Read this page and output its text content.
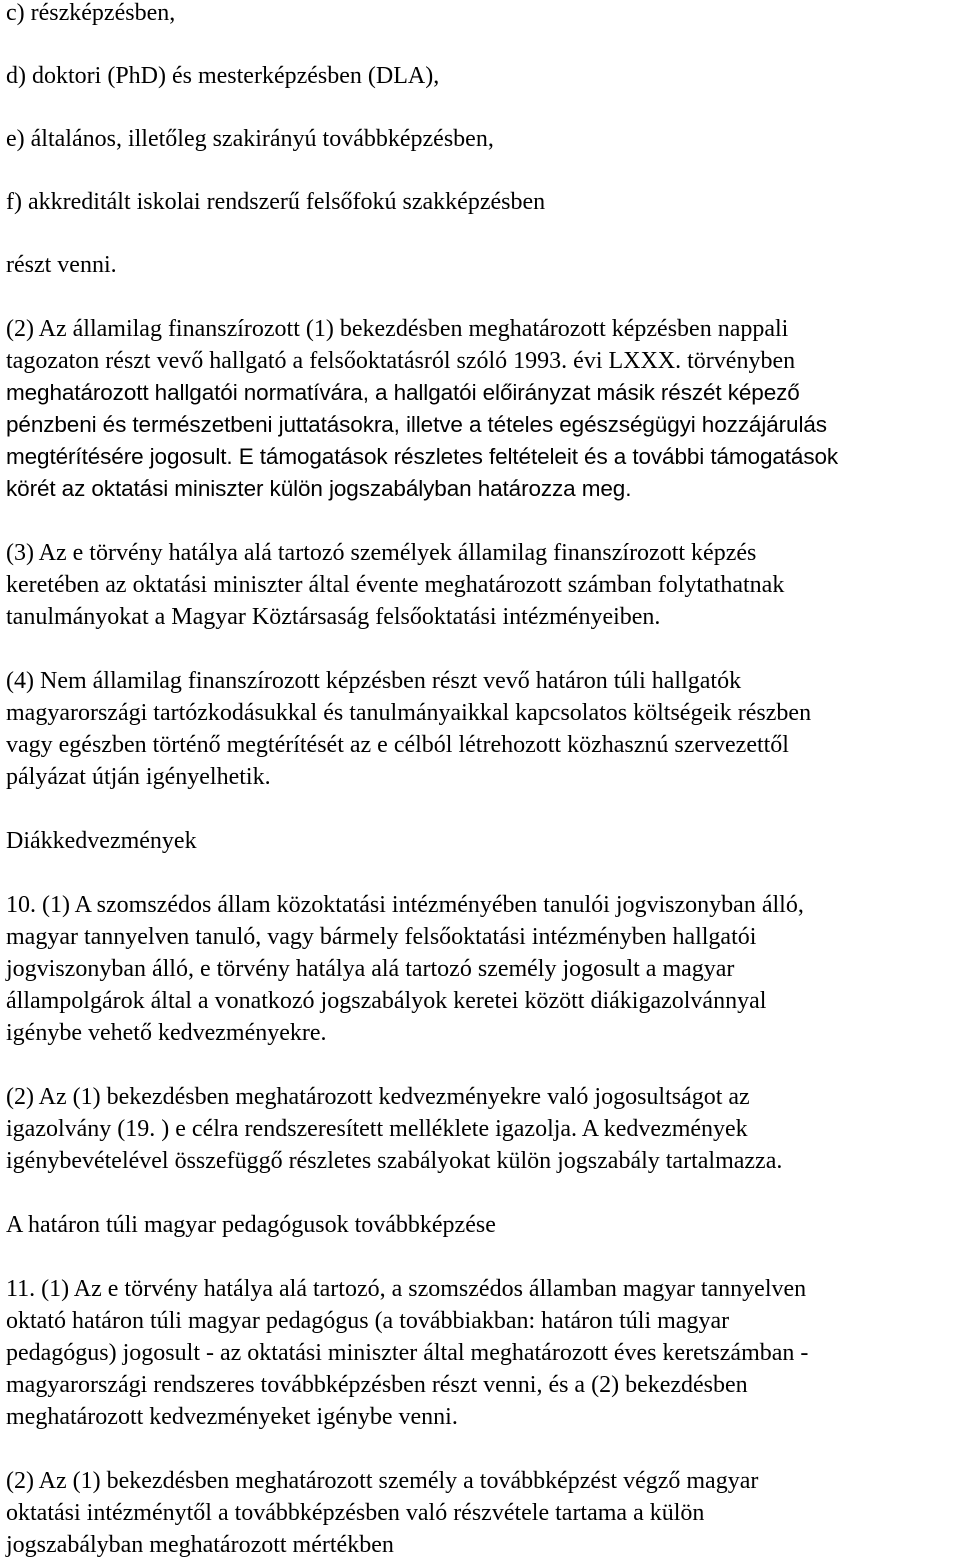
c) részképzésben,
d) doktori (PhD) és mesterképzésben (DLA),
e) általános, illetőleg szakirányú továbbképzésben,
f) akkreditált iskolai rendszerű felsőfokú szakképzésben
részt venni.
(2) Az államilag finanszírozott (1) bekezdésben meghatározott képzésben nappali
tagozaton részt vevő hallgató a felsőoktatásról szóló 1993. évi LXXX. törvényben
meghatározott hallgatói normatívára, a hallgatói előirányzat másik részét képező
pénzbeni és természetbeni juttatásokra, illetve a tételes egészségügyi hozzájárulás
megtérítésére jogosult. E támogatások részletes feltételeit és a további támogatások
körét az oktatási miniszter külön jogszabályban határozza meg.
(3) Az e törvény hatálya alá tartozó személyek államilag finanszírozott képzés
keretében az oktatási miniszter által évente meghatározott számban folytathatnak
tanulmányokat a Magyar Köztársaság felsőoktatási intézményeiben.
(4) Nem államilag finanszírozott képzésben részt vevő határon túli hallgatók
magyarországi tartózkodásukkal és tanulmányaikkal kapcsolatos költségeik részben
vagy egészben történő megtérítését az e célból létrehozott közhasznú szervezettől
pályázat útján igényelhetik.
Diákkedvezmények
10. (1) A szomszédos állam közoktatási intézményében tanulói jogviszonyban álló,
magyar tannyelven tanuló, vagy bármely felsőoktatási intézményben hallgatói
jogviszonyban álló, e törvény hatálya alá tartozó személy jogosult a magyar
állampolgárok által a vonatkozó jogszabályok keretei között diákigazolvánnyal
igénybe vehető kedvezményekre.
(2) Az (1) bekezdésben meghatározott kedvezményekre való jogosultságot az
igazolvány (19. ) e célra rendszeresített melléklete igazolja. A kedvezmények
igénybevételével összefüggő részletes szabályokat külön jogszabály tartalmazza.
A határon túli magyar pedagógusok továbbképzése
11. (1) Az e törvény hatálya alá tartozó, a szomszédos államban magyar tannyelven
oktató határon túli magyar pedagógus (a továbbiakban: határon túli magyar
pedagógus) jogosult - az oktatási miniszter által meghatározott éves keretszámban -
magyarországi rendszeres továbbképzésben részt venni, és a (2) bekezdésben
meghatározott kedvezményeket igénybe venni.
(2) Az (1) bekezdésben meghatározott személy a továbbképzést végző magyar
oktatási intézménytől a továbbképzésben való részvétele tartama a külön
jogszabályban meghatározott mértékben
